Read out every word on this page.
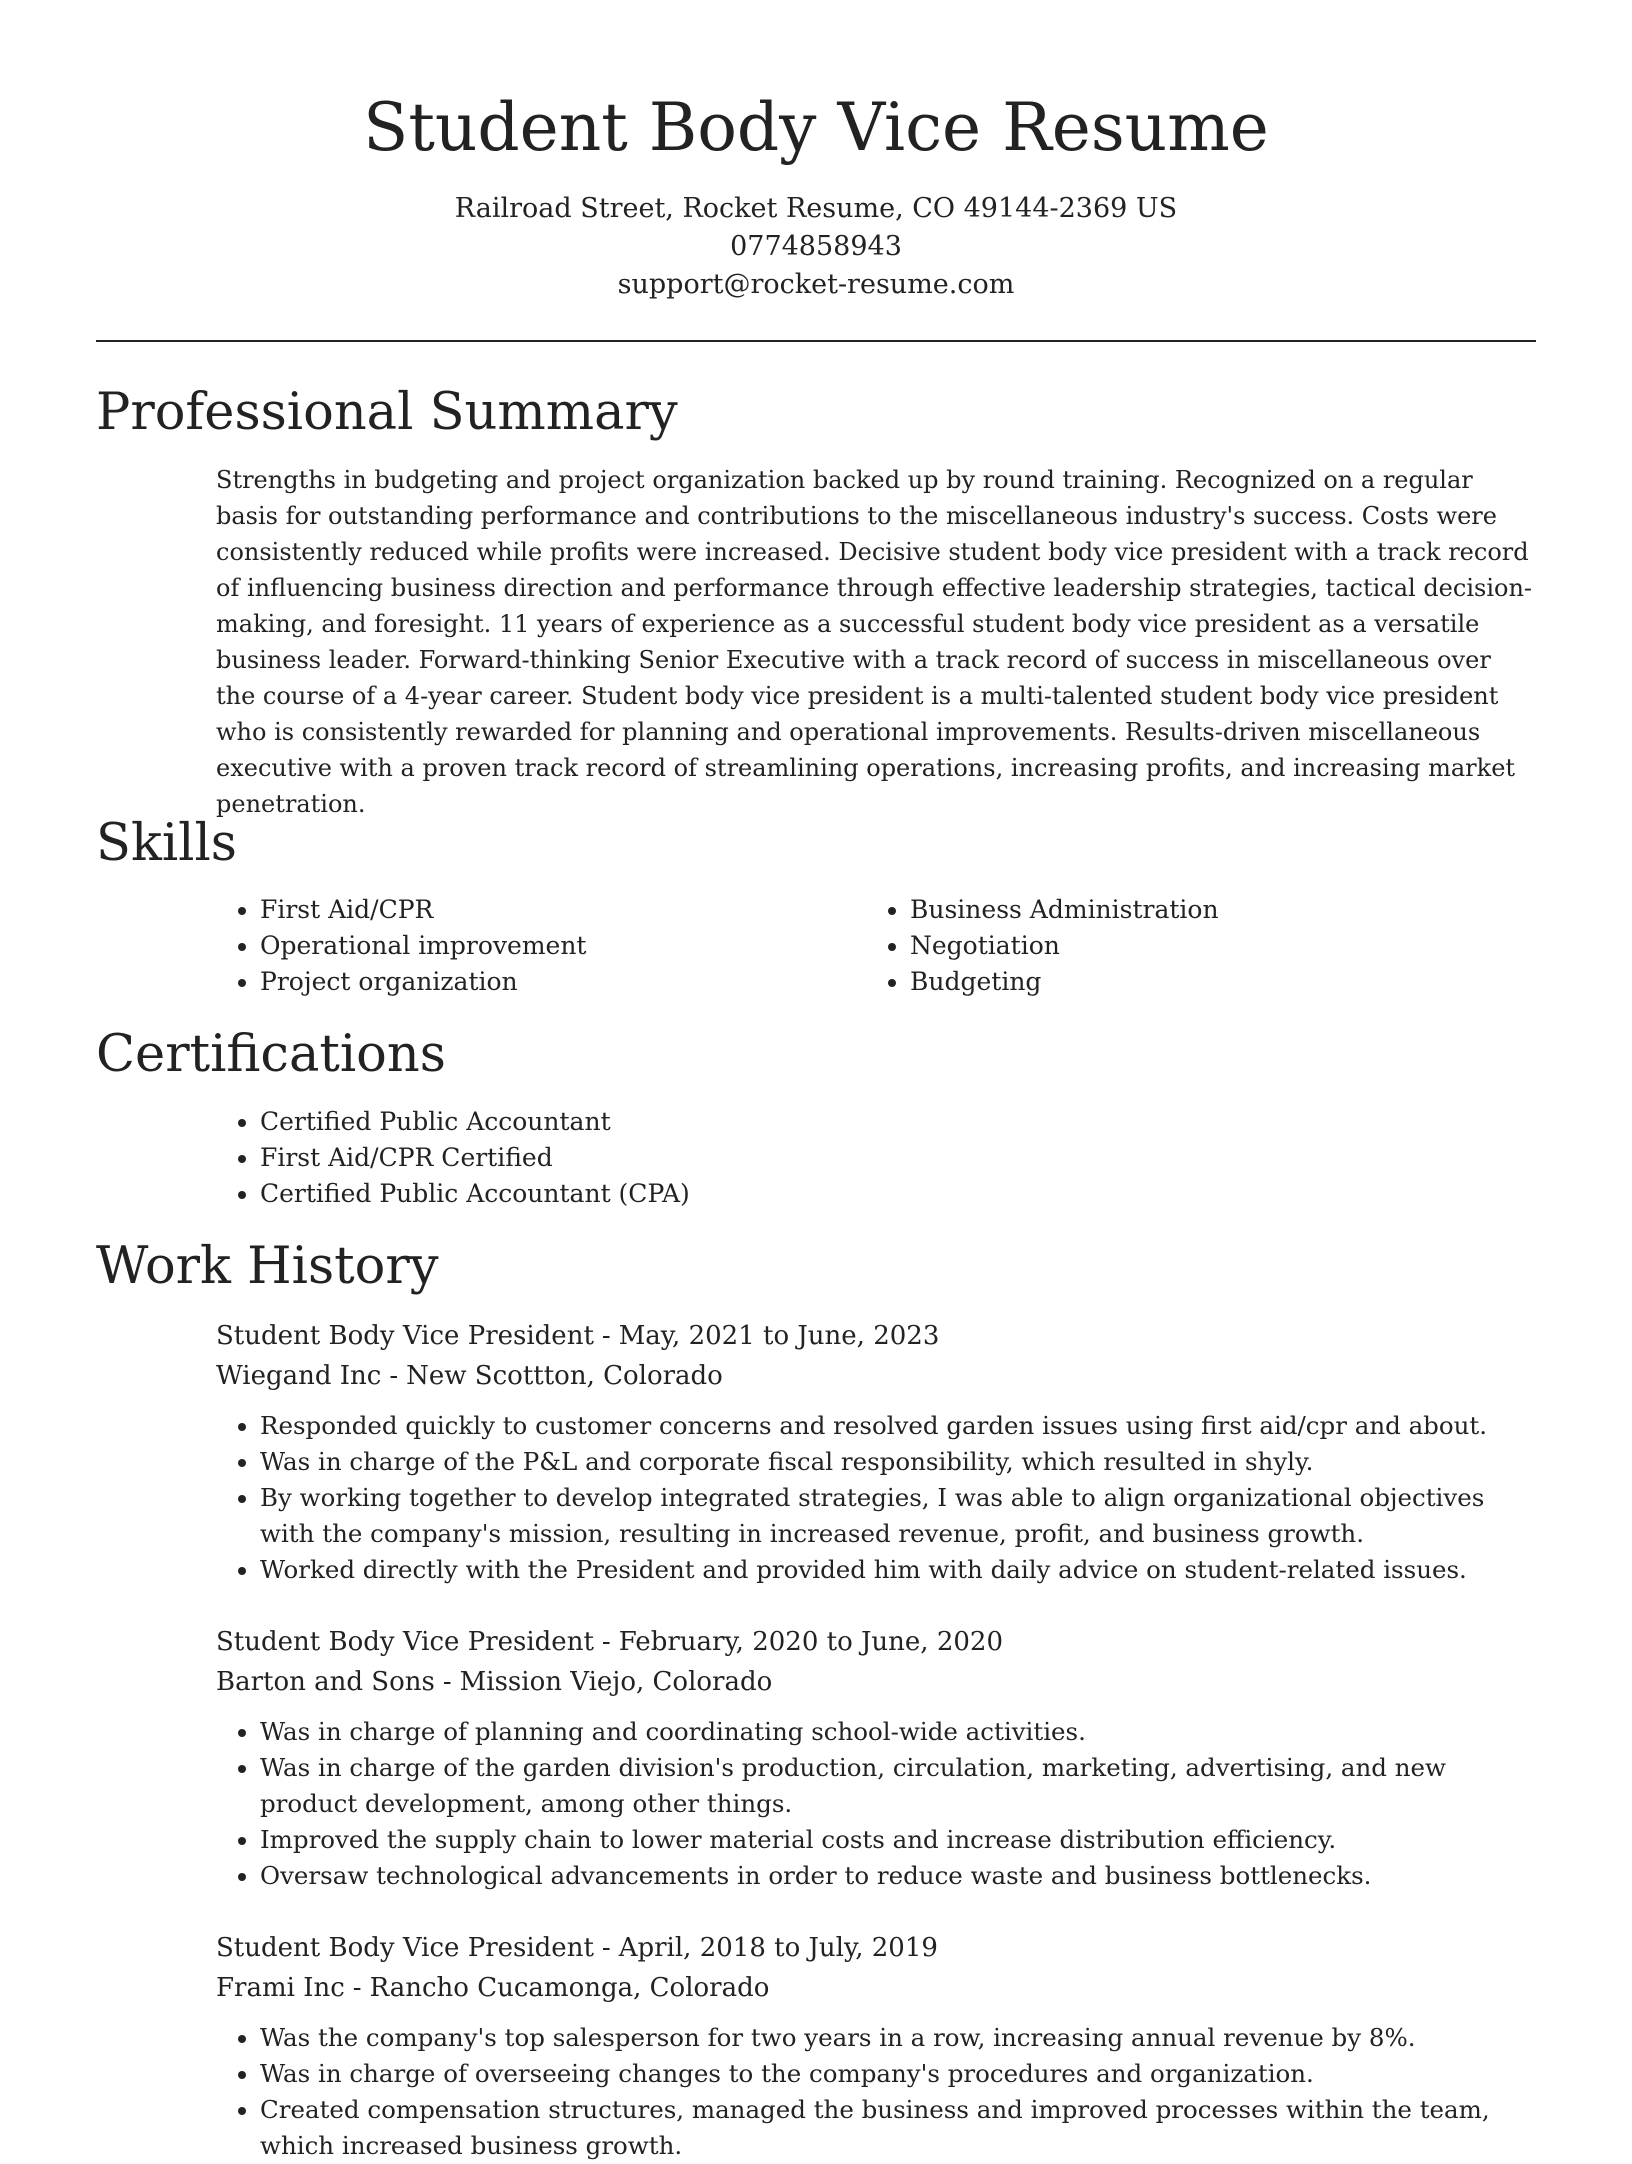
Student Body Vice Resume
Railroad Street, Rocket Resume, CO 49144-2369 US
0774858943
support@rocket-resume.com
Professional Summary
Strengths in budgeting and project organization backed up by round training. Recognized on a regular basis for outstanding performance and contributions to the miscellaneous industry's success. Costs were consistently reduced while profits were increased. Decisive student body vice president with a track record of influencing business direction and performance through effective leadership strategies, tactical decision-making, and foresight. 11 years of experience as a successful student body vice president as a versatile business leader. Forward-thinking Senior Executive with a track record of success in miscellaneous over the course of a 4-year career. Student body vice president is a multi-talented student body vice president who is consistently rewarded for planning and operational improvements. Results-driven miscellaneous executive with a proven track record of streamlining operations, increasing profits, and increasing market penetration.
Skills
• First Aid/CPR
• Operational improvement
• Project organization
• Business Administration
• Negotiation
• Budgeting
Certifications
• Certified Public Accountant
• First Aid/CPR Certified
• Certified Public Accountant (CPA)
Work History
Student Body Vice President - May, 2021 to June, 2023
Wiegand Inc - New Scottton, Colorado
• Responded quickly to customer concerns and resolved garden issues using first aid/cpr and about.
• Was in charge of the P&L and corporate fiscal responsibility, which resulted in shyly.
• By working together to develop integrated strategies, I was able to align organizational objectives with the company's mission, resulting in increased revenue, profit, and business growth.
• Worked directly with the President and provided him with daily advice on student-related issues.
Student Body Vice President - February, 2020 to June, 2020
Barton and Sons - Mission Viejo, Colorado
• Was in charge of planning and coordinating school-wide activities.
• Was in charge of the garden division's production, circulation, marketing, advertising, and new product development, among other things.
• Improved the supply chain to lower material costs and increase distribution efficiency.
• Oversaw technological advancements in order to reduce waste and business bottlenecks.
Student Body Vice President - April, 2018 to July, 2019
Frami Inc - Rancho Cucamonga, Colorado
• Was the company's top salesperson for two years in a row, increasing annual revenue by 8%.
• Was in charge of overseeing changes to the company's procedures and organization.
• Created compensation structures, managed the business and improved processes within the team, which increased business growth.
